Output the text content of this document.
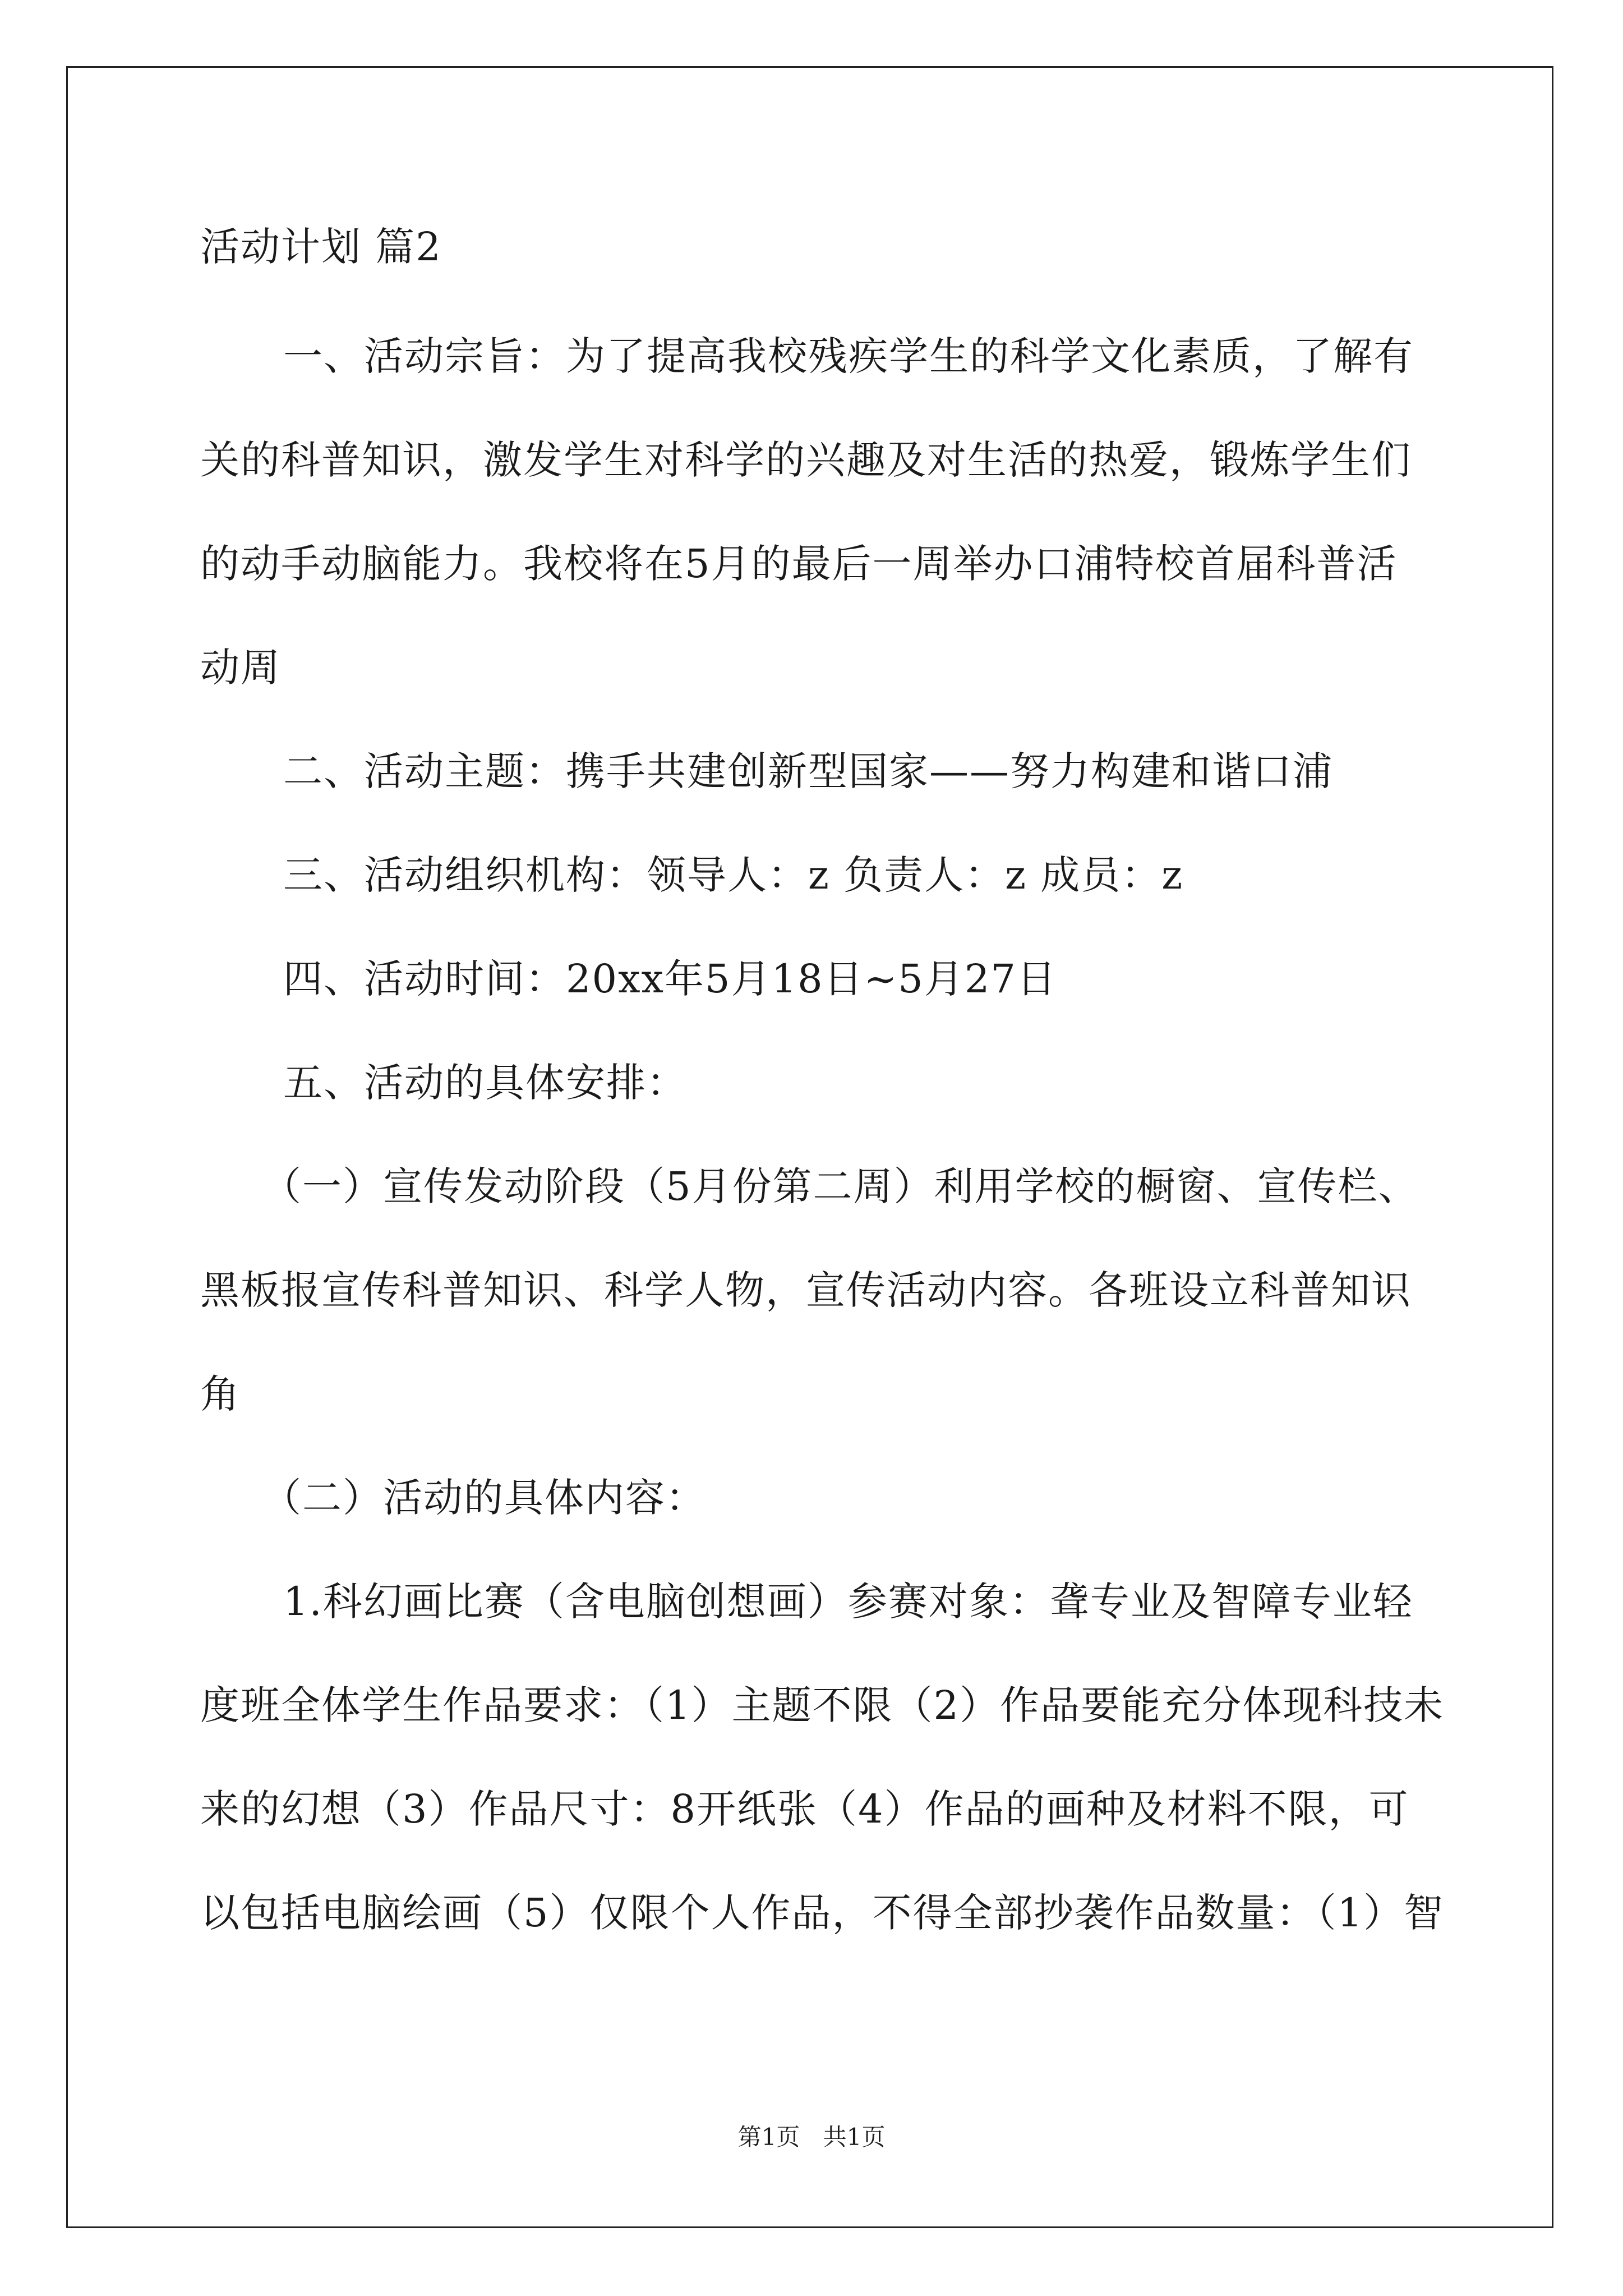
活动计划 篇2
一、活动宗旨：为了提高我校残疾学生的科学文化素质，了解有
关的科普知识，激发学生对科学的兴趣及对生活的热爱，锻炼学生们
的动手动脑能力。我校将在5月的最后一周举办口浦特校首届科普活
动周
二、活动主题：携手共建创新型国家——努力构建和谐口浦
三、活动组织机构：领导人：z 负责人：z 成员：z
四、活动时间：20xx年5月18日~5月27日
五、活动的具体安排：
（一）宣传发动阶段（5月份第二周）利用学校的橱窗、宣传栏、
黑板报宣传科普知识、科学人物，宣传活动内容。各班设立科普知识
角
（二）活动的具体内容：
1.科幻画比赛（含电脑创想画）参赛对象：聋专业及智障专业轻
度班全体学生作品要求：（1）主题不限（2）作品要能充分体现科技未
来的幻想（3）作品尺寸：8开纸张（4）作品的画种及材料不限，可
以包括电脑绘画（5）仅限个人作品，不得全部抄袭作品数量：（1）智
第1页 共1页
